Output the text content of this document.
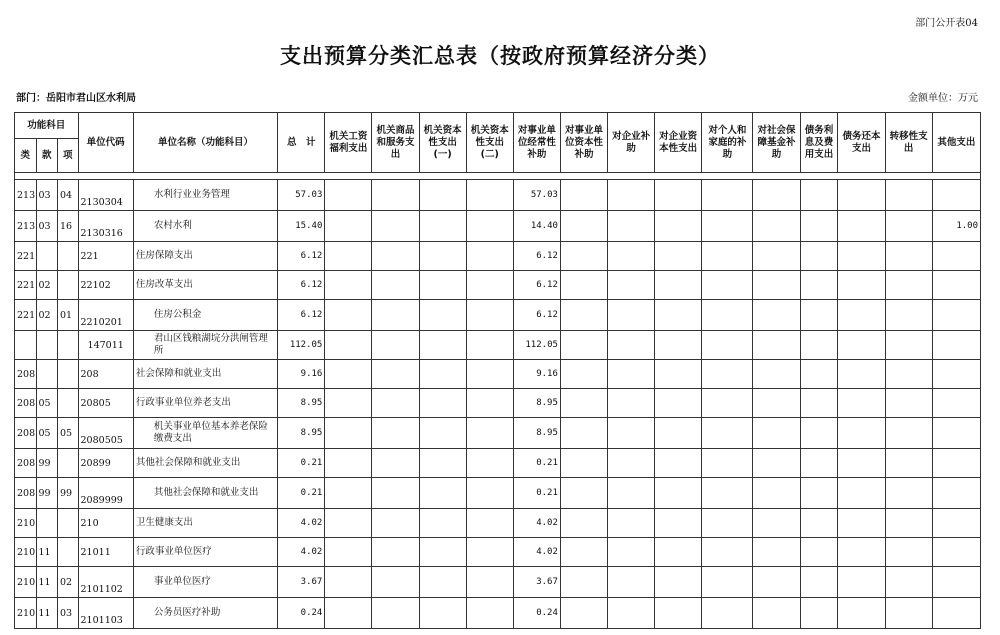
部门公开表04
支出预算分类汇总表（按政府预算经济分类）
部门：岳阳市君山区水利局	金额单位：万元
功能科目			单位代码	单位名称（功能科目）	总　计	机关工资福利支出	机关商品和服务支出	机关资本性支出(一)	机关资本性支出(二)	对事业单位经常性补助	对事业单位资本性补助	对企业补助	对企业资本性支出	对个人和家庭的补助	对社会保障基金补助	债务利息及费用支出	债务还本支出	转移性支出	其他支出
类	款	项																	

213	03	04	2130304	水利行业业务管理	57.03					57.03									
213	03	16	2130316	农村水利	15.40					14.40									1.00
221			221	住房保障支出	6.12					6.12									
221	02		22102	住房改革支出	6.12					6.12									
221	02	01	2210201	住房公积金	6.12					6.12									
			147011	君山区钱粮湖垸分洪闸管理所	112.05					112.05									
208			208	社会保障和就业支出	9.16					9.16									
208	05		20805	行政事业单位养老支出	8.95					8.95									
208	05	05	2080505	机关事业单位基本养老保险缴费支出	8.95					8.95									
208	99		20899	其他社会保障和就业支出	0.21					0.21									
208	99	99	2089999	其他社会保障和就业支出	0.21					0.21									
210			210	卫生健康支出	4.02					4.02									
210	11		21011	行政事业单位医疗	4.02					4.02									
210	11	02	2101102	事业单位医疗	3.67					3.67									
210	11	03	2101103	公务员医疗补助	0.24					0.24									
